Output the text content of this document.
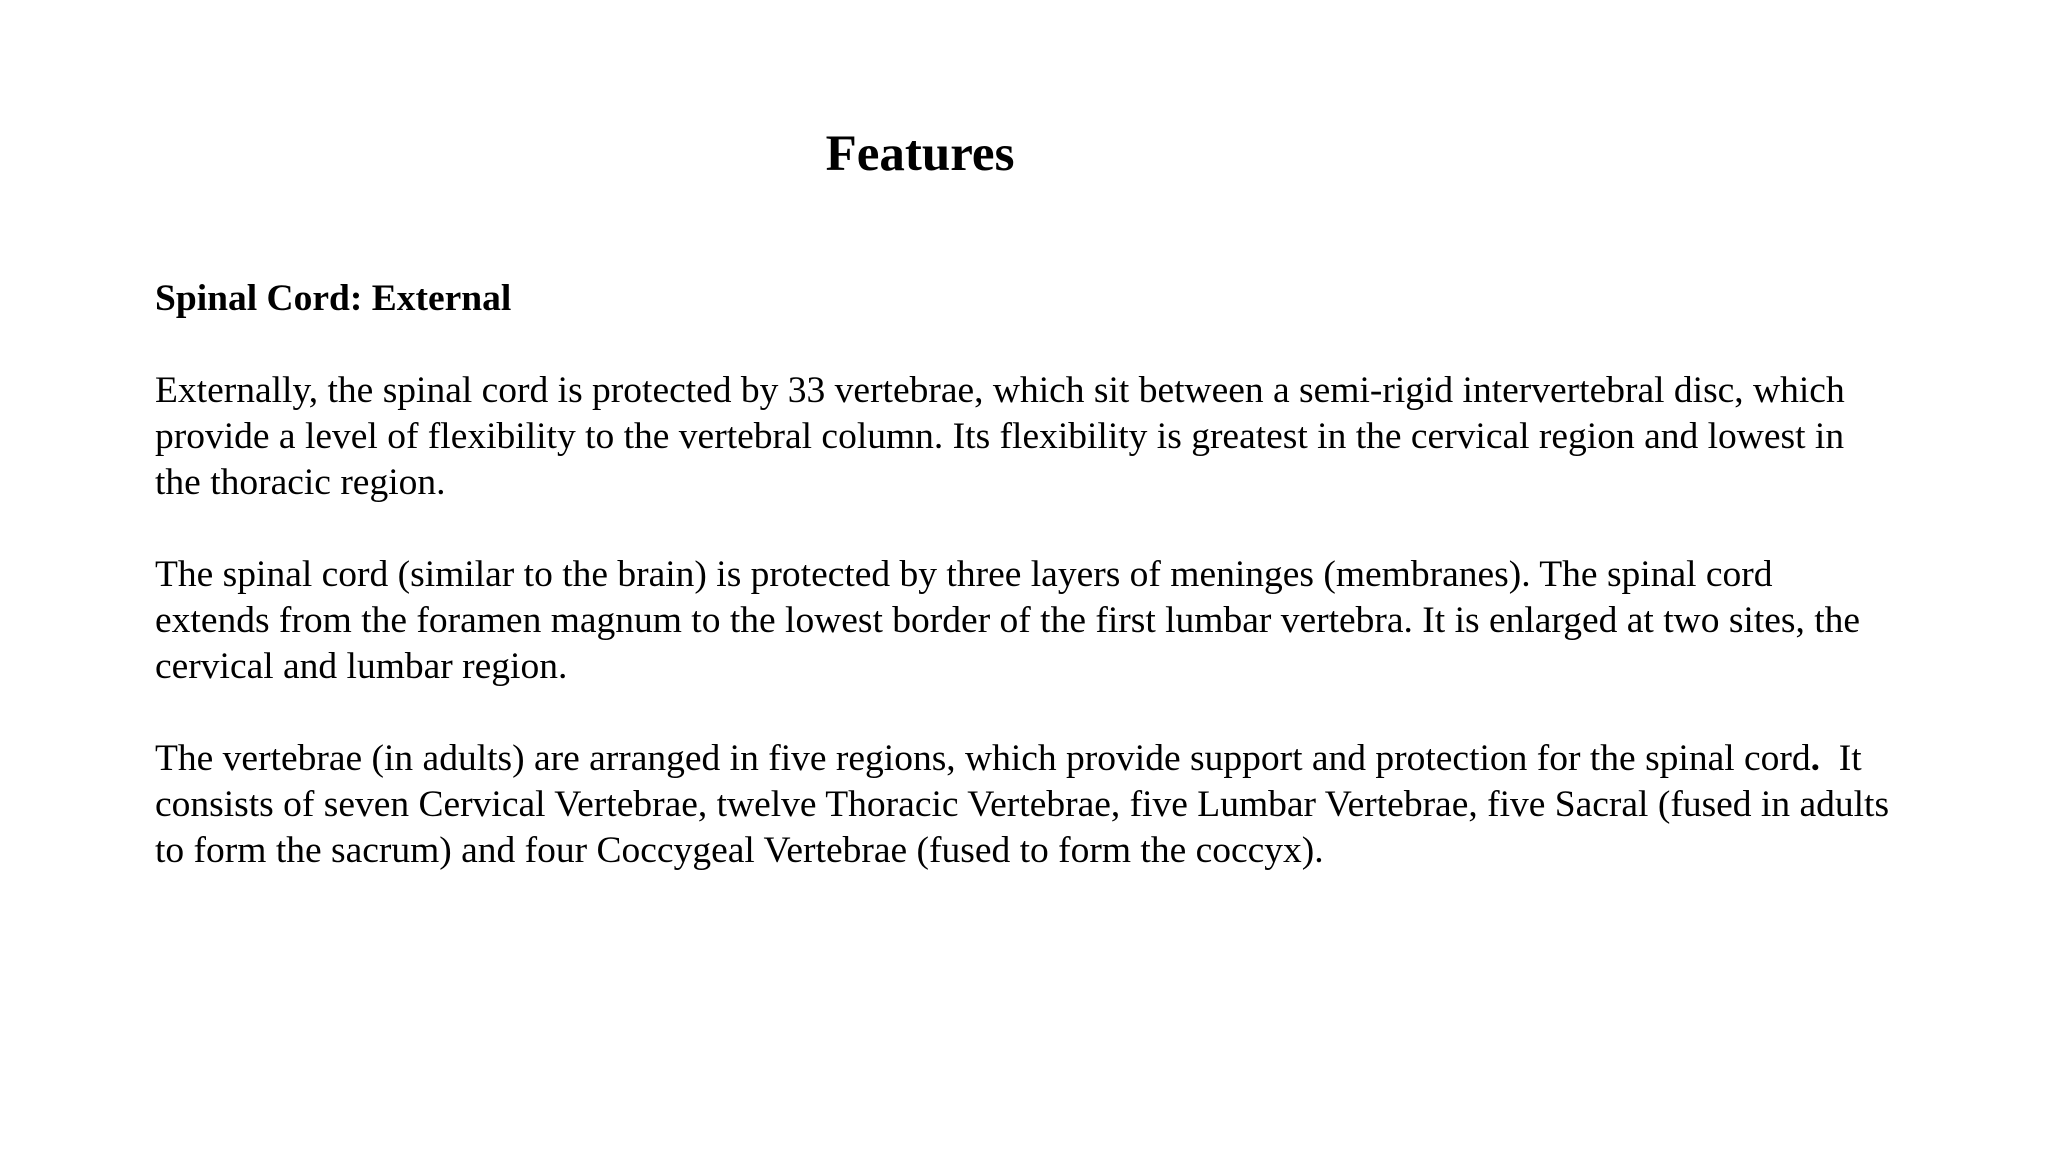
Features
Spinal Cord: External
Externally, the spinal cord is protected by 33 vertebrae, which sit between a semi-rigid intervertebral disc, which
provide a level of flexibility to the vertebral column. Its flexibility is greatest in the cervical region and lowest in
the thoracic region.
The spinal cord (similar to the brain) is protected by three layers of meninges (membranes). The spinal cord
extends from the foramen magnum to the lowest border of the first lumbar vertebra. It is enlarged at two sites, the
cervical and lumbar region.
The vertebrae (in adults) are arranged in five regions, which provide support and protection for the spinal cord.  It
consists of seven Cervical Vertebrae, twelve Thoracic Vertebrae, five Lumbar Vertebrae, five Sacral (fused in adults
to form the sacrum) and four Coccygeal Vertebrae (fused to form the coccyx).
